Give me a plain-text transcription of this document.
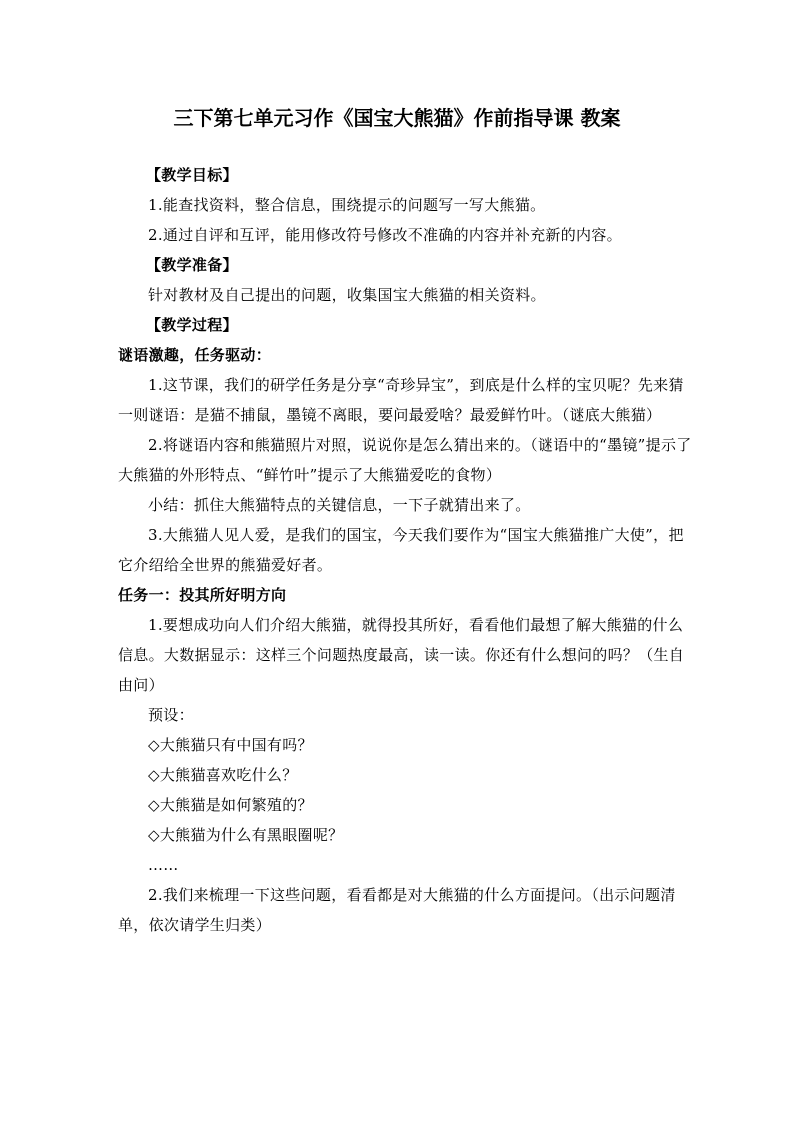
三下第七单元习作《国宝大熊猫》作前指导课 教案

【教学目标】

1.能查找资料，整合信息，围绕提示的问题写一写大熊猫。

2.通过自评和互评，能用修改符号修改不准确的内容并补充新的内容。

【教学准备】

针对教材及自己提出的问题，收集国宝大熊猫的相关资料。

【教学过程】

谜语激趣，任务驱动：

1.这节课，我们的研学任务是分享“奇珍异宝”，到底是什么样的宝贝呢？先来猜一则谜语：是猫不捕鼠，墨镜不离眼，要问最爱啥？最爱鲜竹叶。（谜底大熊猫）

2.将谜语内容和熊猫照片对照，说说你是怎么猜出来的。（谜语中的“墨镜”提示了大熊猫的外形特点、“鲜竹叶”提示了大熊猫爱吃的食物）

小结：抓住大熊猫特点的关键信息，一下子就猜出来了。

3.大熊猫人见人爱，是我们的国宝，今天我们要作为“国宝大熊猫推广大使”，把它介绍给全世界的熊猫爱好者。

任务一：投其所好明方向

1.要想成功向人们介绍大熊猫，就得投其所好，看看他们最想了解大熊猫的什么信息。大数据显示：这样三个问题热度最高，读一读。你还有什么想问的吗？（生自由问）

预设：

◇大熊猫只有中国有吗？

◇大熊猫喜欢吃什么？

◇大熊猫是如何繁殖的？

◇大熊猫为什么有黑眼圈呢？

……

2.我们来梳理一下这些问题，看看都是对大熊猫的什么方面提问。（出示问题清单，依次请学生归类）
